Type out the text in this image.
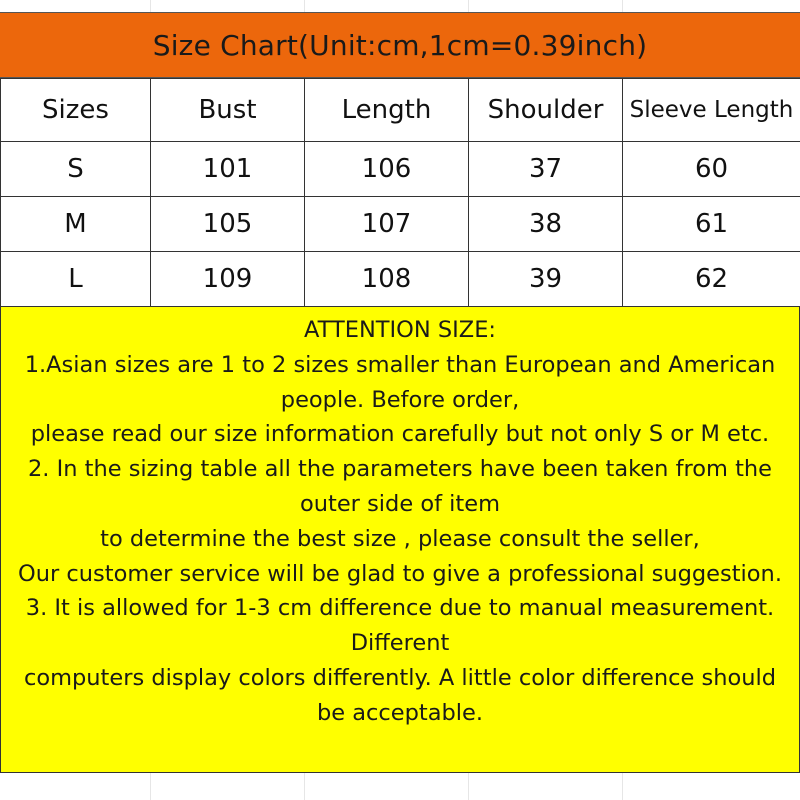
Size Chart(Unit:cm,1cm=0.39inch)
Sizes	Bust	Length	Shoulder	Sleeve Length
S	101	106	37	60
M	105	107	38	61
L	109	108	39	62
ATTENTION SIZE:
1.Asian sizes are 1 to 2 sizes smaller than European and American
people. Before order,
please read our size information carefully but not only S or M etc.
2. In the sizing table all the parameters have been taken from the
outer side of item
to determine the best size , please consult the seller,
Our customer service will be glad to give a professional suggestion.
3. It is allowed for 1-3 cm difference due to manual measurement.
Different
computers display colors differently. A little color difference should
be acceptable.
